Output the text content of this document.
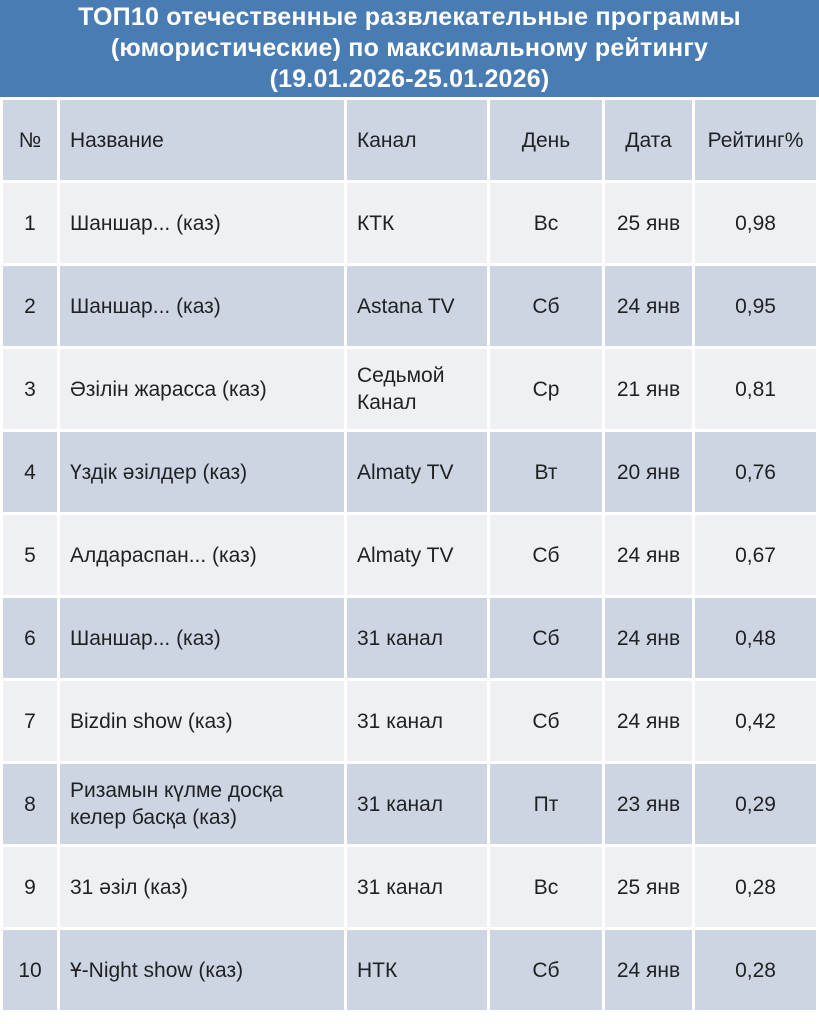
ТОП10 отечественные развлекательные программы (юмористические) по максимальному рейтингу (19.01.2026-25.01.2026)
№	Название	Канал	День	Дата	Рейтинг%
1	Шаншар... (каз)	КТК	Вс	25 янв	0,98
2	Шаншар... (каз)	Astana TV	Сб	24 янв	0,95
3	Әзілін жарасса (каз)	Седьмой Канал	Ср	21 янв	0,81
4	Үздік әзілдер (каз)	Almaty TV	Вт	20 янв	0,76
5	Алдараспан... (каз)	Almaty TV	Сб	24 янв	0,67
6	Шаншар... (каз)	31 канал	Сб	24 янв	0,48
7	Bizdin show (каз)	31 канал	Сб	24 янв	0,42
8	Ризамын күлме досқа келер басқа (каз)	31 канал	Пт	23 янв	0,29
9	31 әзіл (каз)	31 канал	Вс	25 янв	0,28
10	Ұ-Night show (каз)	НТК	Сб	24 янв	0,28
